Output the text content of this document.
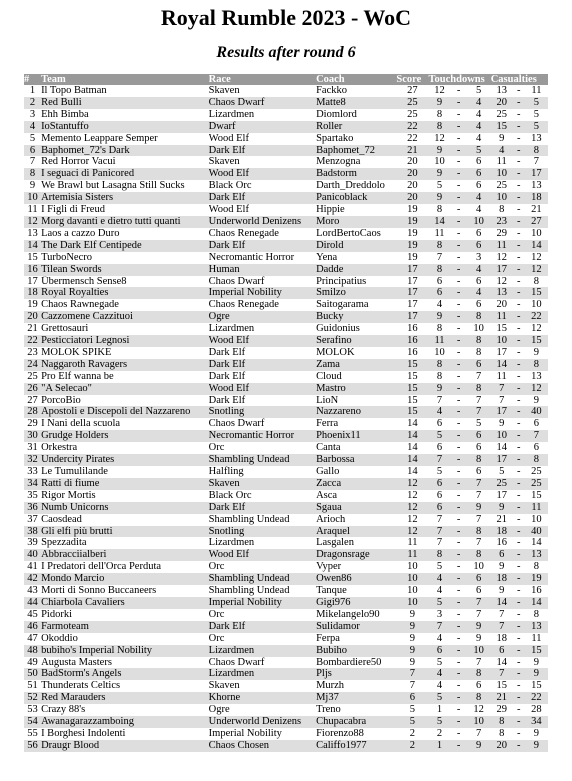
Royal Rumble 2023 - WoC
Results after round 6
#	Team	Race	Coach	Score	Touchdowns			Casualties		
1	Il Topo Batman	Skaven	Fackko	27	12	-	5	13	-	11
2	Red Bulli	Chaos Dwarf	Matte8	25	9	-	4	20	-	5
3	Ehh Bimba	Lizardmen	Diomlord	25	8	-	4	25	-	5
4	IoStantuffo	Dwarf	Roller	22	8	-	4	15	-	5
5	Memento Leappare Semper	Wood Elf	Spartako	22	12	-	4	9	-	13
6	Baphomet_72's Dark	Dark Elf	Baphomet_72	21	9	-	5	4	-	8
7	Red Horror Vacui	Skaven	Menzogna	20	10	-	6	11	-	7
8	I seguaci di Panicored	Wood Elf	Badstorm	20	9	-	6	10	-	17
9	We Brawl but Lasagna Still Sucks	Black Orc	Darth_Dreddolo	20	5	-	6	25	-	13
10	Artemisia Sisters	Dark Elf	Panicoblack	20	9	-	4	10	-	18
11	I Figli di Freud	Wood Elf	Hippie	19	8	-	4	8	-	21
12	Morg davanti e dietro tutti quanti	Underworld Denizens	Moro	19	14	-	10	23	-	27
13	Laos a cazzo Duro	Chaos Renegade	LordBertoCaos	19	11	-	6	29	-	10
14	The Dark Elf Centipede	Dark Elf	Dirold	19	8	-	6	11	-	14
15	TurboNecro	Necromantic Horror	Yena	19	7	-	3	12	-	12
16	Tilean Swords	Human	Dadde	17	8	-	4	17	-	12
17	Übermensch Sense8	Chaos Dwarf	Principatius	17	6	-	6	12	-	8
18	Royal Royalties	Imperial Nobility	Smilzo	17	6	-	4	13	-	15
19	Chaos Rawnegade	Chaos Renegade	Saitogarama	17	4	-	6	20	-	10
20	Cazzomene Cazzituoi	Ogre	Bucky	17	9	-	8	11	-	22
21	Grettosauri	Lizardmen	Guidonius	16	8	-	10	15	-	12
22	Pesticciatori Legnosi	Wood Elf	Serafino	16	11	-	8	10	-	15
23	MOLOK SPIKE	Dark Elf	MOLOK	16	10	-	8	17	-	9
24	Naggaroth Ravagers	Dark Elf	Zama	15	8	-	6	14	-	8
25	Pro Elf wanna be	Dark Elf	Cloud	15	8	-	7	11	-	13
26	"A Selecao"	Wood Elf	Mastro	15	9	-	8	7	-	12
27	PorcoBio	Dark Elf	LioN	15	7	-	7	7	-	9
28	Apostoli e Discepoli del Nazzareno	Snotling	Nazzareno	15	4	-	7	17	-	40
29	I Nani della scuola	Chaos Dwarf	Ferra	14	6	-	5	9	-	6
30	Grudge Holders	Necromantic Horror	Phoenix11	14	5	-	6	10	-	7
31	Orkestra	Orc	Canta	14	6	-	6	14	-	6
32	Undercity Pirates	Shambling Undead	Barbossa	14	7	-	8	17	-	8
33	Le Tumulilande	Halfling	Gallo	14	5	-	6	5	-	25
34	Ratti di fiume	Skaven	Zacca	12	6	-	7	25	-	25
35	Rigor Mortis	Black Orc	Asca	12	6	-	7	17	-	15
36	Numb Unicorns	Dark Elf	Sgaua	12	6	-	9	9	-	11
37	Caosdead	Shambling Undead	Arioch	12	7	-	7	21	-	10
38	Gli elfi più brutti	Snotling	Araquel	12	7	-	8	18	-	40
39	Spezzadita	Lizardmen	Lasgalen	11	7	-	7	16	-	14
40	Abbracciialberi	Wood Elf	Dragonsrage	11	8	-	8	6	-	13
41	I Predatori dell'Orca Perduta	Orc	Vyper	10	5	-	10	9	-	8
42	Mondo Marcio	Shambling Undead	Owen86	10	4	-	6	18	-	19
43	Morti di Sonno Buccaneers	Shambling Undead	Tanque	10	4	-	6	9	-	16
44	Chiarbola Cavaliers	Imperial Nobility	Gigi976	10	5	-	7	14	-	14
45	Pidorki	Orc	Mikelangelo90	9	3	-	7	7	-	8
46	Farmoteam	Dark Elf	Sulidamor	9	7	-	9	7	-	13
47	Okoddio	Orc	Ferpa	9	4	-	9	18	-	11
48	bubiho's Imperial Nobility	Lizardmen	Bubiho	9	6	-	10	6	-	15
49	Augusta Masters	Chaos Dwarf	Bombardiere50	9	5	-	7	14	-	9
50	BadStorm's Angels	Lizardmen	Pljs	7	4	-	8	7	-	9
51	Thunderats Celtics	Skaven	Murzh	7	4	-	6	15	-	15
52	Red Marauders	Khorne	Mj37	6	5	-	8	21	-	22
53	Crazy 88's	Ogre	Treno	5	1	-	12	29	-	28
54	Awanagarazzamboing	Underworld Denizens	Chupacabra	5	5	-	10	8	-	34
55	I Borghesi Indolenti	Imperial Nobility	Fiorenzo88	2	2	-	7	8	-	9
56	Draugr Blood	Chaos Chosen	Califfo1977	2	1	-	9	20	-	9
